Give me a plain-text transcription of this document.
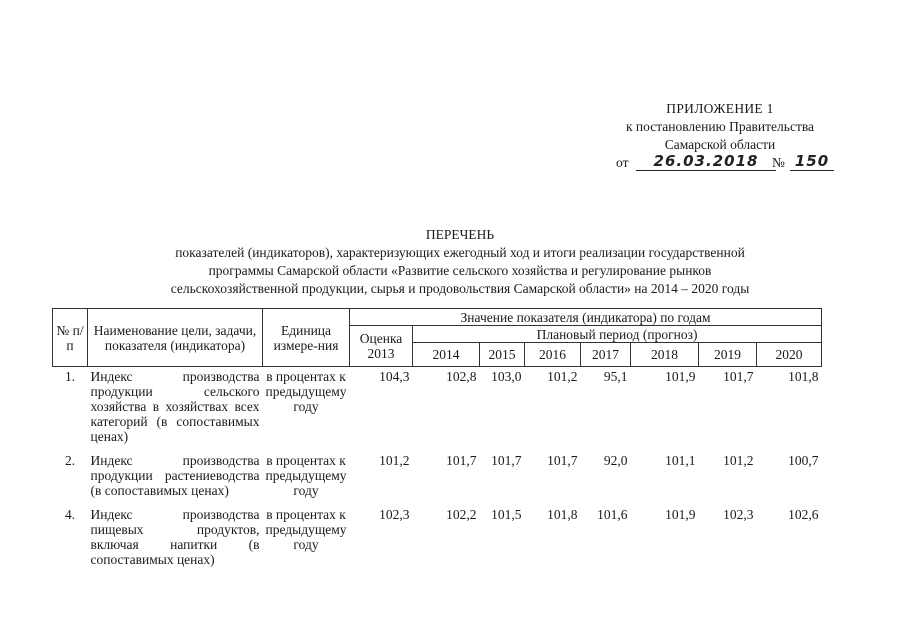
ПРИЛОЖЕНИЕ 1
к постановлению Правительства
Самарской области
от	26.03.2018	№ 150
ПЕРЕЧЕНЬ
показателей (индикаторов), характеризующих ежегодный ход и итоги реализации государственной
программы Самарской области «Развитие сельского хозяйства и регулирование рынков
сельскохозяйственной продукции, сырья и продовольствия Самарской области» на 2014 – 2020 годы
№ п/п	Наименование цели, задачи, показателя (индикатора)	Единица измере-ния	Значение показателя (индикатора) по годам							
			Оценка 2013	Плановый период (прогноз)						
				2014	2015	2016	2017	2018	2019	2020
1.	Индекс производства продукции сельского хозяйства в хозяйствах всех категорий (в сопоставимых ценах)	в процентах к предыдущему году	104,3	102,8	103,0	101,2	95,1	101,9	101,7	101,8
2.	Индекс производства продукции растениеводства (в сопоставимых ценах)	в процентах к предыдущему году	101,2	101,7	101,7	101,7	92,0	101,1	101,2	100,7
4.	Индекс производства пищевых продуктов, включая напитки (в сопоставимых ценах)	в процентах к предыдущему году	102,3	102,2	101,5	101,8	101,6	101,9	102,3	102,6
